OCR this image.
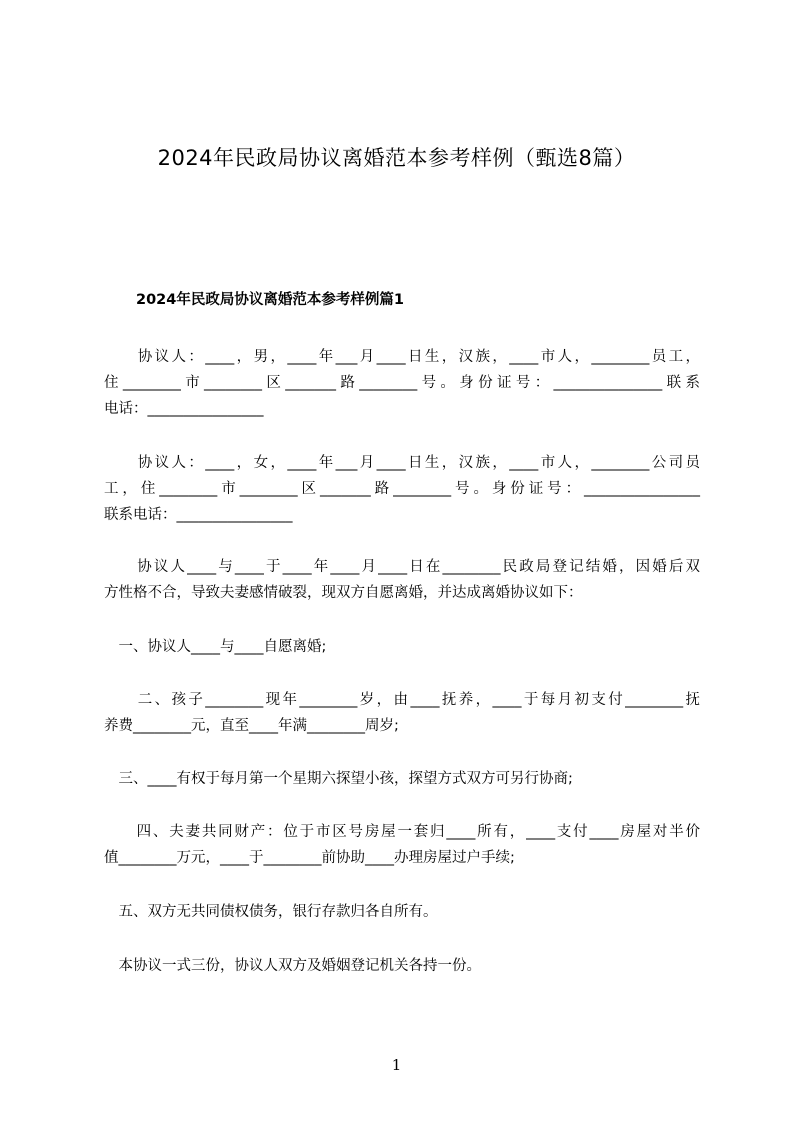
2024年民政局协议离婚范本参考样例（甄选8篇）
2024年民政局协议离婚范本参考样例篇1
　　协议人：____，男，____年___月____日生，汉族，____市人，________员工，
住________市________区_______路________号。身份证号：_______________联系
电话：________________
　　协议人：____，女，____年___月____日生，汉族，____市人，________公司员
工，住________市________区_______路________号。身份证号：________________
联系电话：________________
　　协议人____与____于____年____月____日在________民政局登记结婚，因婚后双
方性格不合，导致夫妻感情破裂，现双方自愿离婚，并达成离婚协议如下：
　一、协议人____与____自愿离婚;
　　二、孩子________现年________岁，由____抚养，____于每月初支付________抚
养费________元，直至____年满________周岁;
　三、____有权于每月第一个星期六探望小孩，探望方式双方可另行协商;
　　四、夫妻共同财产：位于市区号房屋一套归____所有，____支付____房屋对半价
值________万元，____于________前协助____办理房屋过户手续;
　五、双方无共同债权债务，银行存款归各自所有。
　本协议一式三份，协议人双方及婚姻登记机关各持一份。
1
